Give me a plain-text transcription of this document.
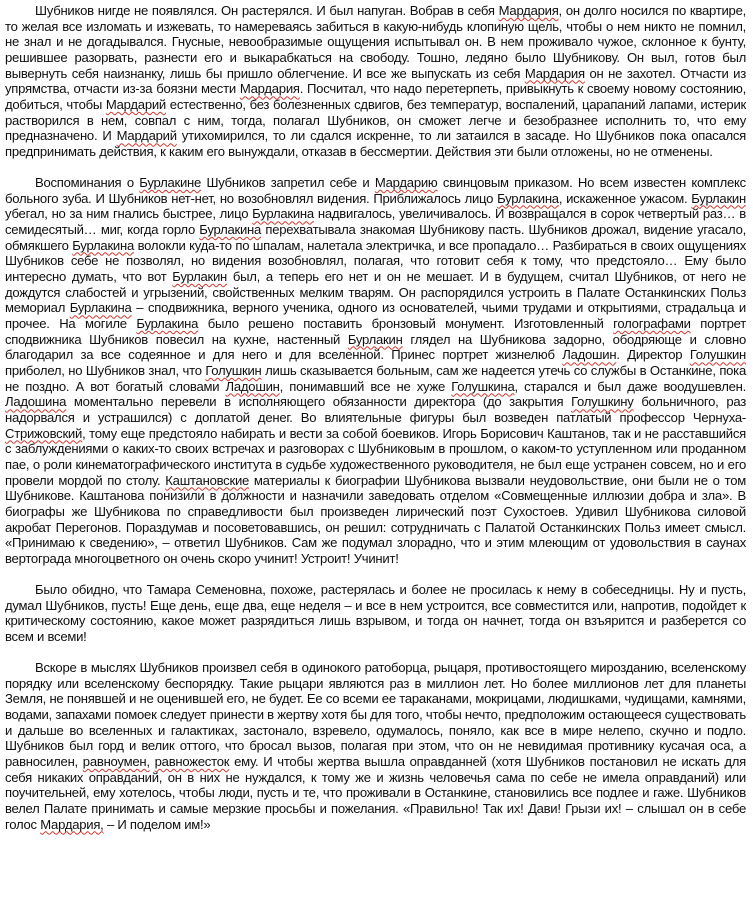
Шубников нигде не появлялся. Он растерялся. И был напуган. Вобрав в себя Мардария, он долго носился по квартире, то желая все изломать и изжевать, то намереваясь забиться в какую-нибудь клопиную щель, чтобы о нем никто не помнил, не знал и не догадывался. Гнусные, невообразимые ощущения испытывал он. В нем проживало чужое, склонное к бунту, решившее разорвать, разнести его и выкарабкаться на свободу. Тошно, ледяно было Шубникову. Он выл, готов был вывернуть себя наизнанку, лишь бы пришло облегчение. И все же выпускать из себя Мардария он не захотел. Отчасти из упрямства, отчасти из-за боязни мести Мардария. Посчитал, что надо перетерпеть, привыкнуть к своему новому состоянию, добиться, чтобы Мардарий естественно, без болезненных сдвигов, без температур, воспалений, царапаний лапами, истерик растворился в нем, совпал с ним, тогда, полагал Шубников, он сможет легче и безобразнее исполнить то, что ему предназначено. И Мардарий утихомирился, то ли сдался искренне, то ли затаился в засаде. Но Шубников пока опасался предпринимать действия, к каким его вынуждали, отказав в бессмертии. Действия эти были отложены, но не отменены.

Воспоминания о Бурлакине Шубников запретил себе и Мардарию свинцовым приказом. Но всем известен комплекс больного зуба. И Шубников нет-нет, но возобновлял видения. Приближалось лицо Бурлакина, искаженное ужасом. Бурлакин убегал, но за ним гнались быстрее, лицо Бурлакина надвигалось, увеличивалось. И возвращался в сорок четвертый раз… в семидесятый… миг, когда горло Бурлакина перехватывала знакомая Шубникову пасть. Шубников дрожал, видение угасало, обмякшего Бурлакина волокли куда-то по шпалам, налетала электричка, и все пропадало… Разбираться в своих ощущениях Шубников себе не позволял, но видения возобновлял, полагая, что готовит себя к тому, что предстояло… Ему было интересно думать, что вот Бурлакин был, а теперь его нет и он не мешает. И в будущем, считал Шубников, от него не дождутся слабостей и угрызений, свойственных мелким тварям. Он распорядился устроить в Палате Останкинских Польз мемориал Бурлакина – сподвижника, верного ученика, одного из основателей, чьими трудами и открытиями, страдальца и прочее. На могиле Бурлакина было решено поставить бронзовый монумент. Изготовленный голографами портрет сподвижника Шубников повесил на кухне, настенный Бурлакин глядел на Шубникова задорно, ободряюще и словно благодарил за все содеянное и для него и для вселенной. Принес портрет жизнелюб Ладошин. Директор Голушкин приболел, но Шубников знал, что Голушкин лишь сказывается больным, сам же надеется утечь со службы в Останкине, пока не поздно. А вот богатый словами Ладошин, понимавший все не хуже Голушкина, старался и был даже воодушевлен. Ладошина моментально перевели в исполняющего обязанности директора (до закрытия Голушкину больничного, раз надорвался и устрашился) с доплатой денег. Во влиятельные фигуры был возведен патлатый профессор Чернуха-Стрижовский, тому еще предстояло набирать и вести за собой боевиков. Игорь Борисович Каштанов, так и не расставшийся с заблуждениями о каких-то своих встречах и разговорах с Шубниковым в прошлом, о каком-то уступленном или проданном пае, о роли кинематографического института в судьбе художественного руководителя, не был еще устранен совсем, но и его провели мордой по столу. Каштановские материалы к биографии Шубникова вызвали неудовольствие, они были не о том Шубникове. Каштанова понизили в должности и назначили заведовать отделом «Совмещенные иллюзии добра и зла». В биографы же Шубникова по справедливости был произведен лирический поэт Сухостоев. Удивил Шубникова силовой акробат Перегонов. Пораздумав и посоветовавшись, он решил: сотрудничать с Палатой Останкинских Польз имеет смысл. «Принимаю к сведению», – ответил Шубников. Сам же подумал злорадно, что и этим млеющим от удовольствия в саунах вертограда многоцветного он очень скоро учинит! Устроит! Учинит!

Было обидно, что Тамара Семеновна, похоже, растерялась и более не просилась к нему в собеседницы. Ну и пусть, думал Шубников, пусть! Еще день, еще два, еще неделя – и все в нем устроится, все совместится или, напротив, подойдет к критическому состоянию, какое может разрядиться лишь взрывом, и тогда он начнет, тогда он взъярится и разберется со всем и всеми!

Вскоре в мыслях Шубников произвел себя в одинокого ратоборца, рыцаря, противостоящего мирозданию, вселенскому порядку или вселенскому беспорядку. Такие рыцари являются раз в миллион лет. Но более миллионов лет для планеты Земля, не понявшей и не оценившей его, не будет. Ее со всеми ее тараканами, мокрицами, людишками, чудищами, камнями, водами, запахами помоек следует принести в жертву хотя бы для того, чтобы нечто, предположим остающееся существовать и дальше во вселенных и галактиках, застонало, взревело, одумалось, поняло, как все в мире нелепо, скучно и подло. Шубников был горд и велик оттого, что бросал вызов, полагая при этом, что он не невидимая противнику кусачая оса, а равносилен, равноумен, равножесток ему. И чтобы жертва вышла оправданней (хотя Шубников постановил не искать для себя никаких оправданий, он в них не нуждался, к тому же и жизнь человечья сама по себе не имела оправданий) или поучительней, ему хотелось, чтобы люди, пусть и те, что проживали в Останкине, становились все подлее и гаже. Шубников велел Палате принимать и самые мерзкие просьбы и пожелания. «Правильно! Так их! Дави! Грызи их! – слышал он в себе голос Мардария, – И поделом им!»
